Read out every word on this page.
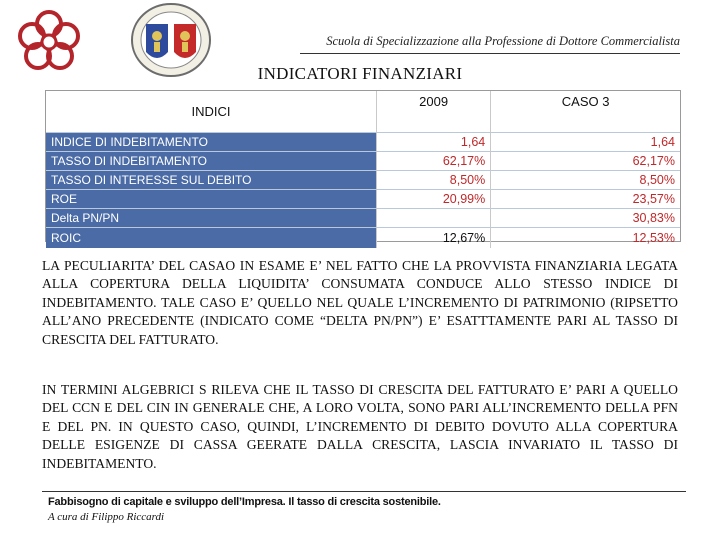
Scuola di Specializzazione alla Professione di Dottore Commercialista
INDICATORI FINANZIARI
INDICI	2009	CASO 3
INDICE DI INDEBITAMENTO	1,64	1,64
TASSO DI INDEBITAMENTO	62,17%	62,17%
TASSO DI INTERESSE SUL DEBITO	8,50%	8,50%
ROE	20,99%	23,57%
Delta PN/PN		30,83%
ROIC	12,67%	12,53%
LA PECULIARITA’ DEL CASAO IN ESAME E’ NEL FATTO CHE LA PROVVISTA FINANZIARIA LEGATA ALLA COPERTURA DELLA LIQUIDITA’ CONSUMATA CONDUCE ALLO STESSO INDICE DI INDEBITAMENTO. TALE CASO E’ QUELLO NEL QUALE L’INCREMENTO DI PATRIMONIO (RIPSETTO ALL’ANO PRECEDENTE (INDICATO COME “DELTA PN/PN”) E’ ESATTTAMENTE PARI AL TASSO DI CRESCITA DEL FATTURATO.
IN TERMINI ALGEBRICI S RILEVA CHE IL TASSO DI CRESCITA DEL FATTURATO E’ PARI A QUELLO DEL CCN E DEL CIN IN GENERALE CHE, A LORO VOLTA, SONO PARI ALL’INCREMENTO DELLA PFN E DEL PN. IN QUESTO CASO, QUINDI, L’INCREMENTO DI DEBITO DOVUTO ALLA COPERTURA DELLE ESIGENZE DI CASSA GEERATE DALLA CRESCITA, LASCIA INVARIATO IL TASSO DI INDEBITAMENTO.
Fabbisogno di capitale e sviluppo dell’Impresa. Il tasso di crescita sostenibile.
A cura di Filippo Riccardi
